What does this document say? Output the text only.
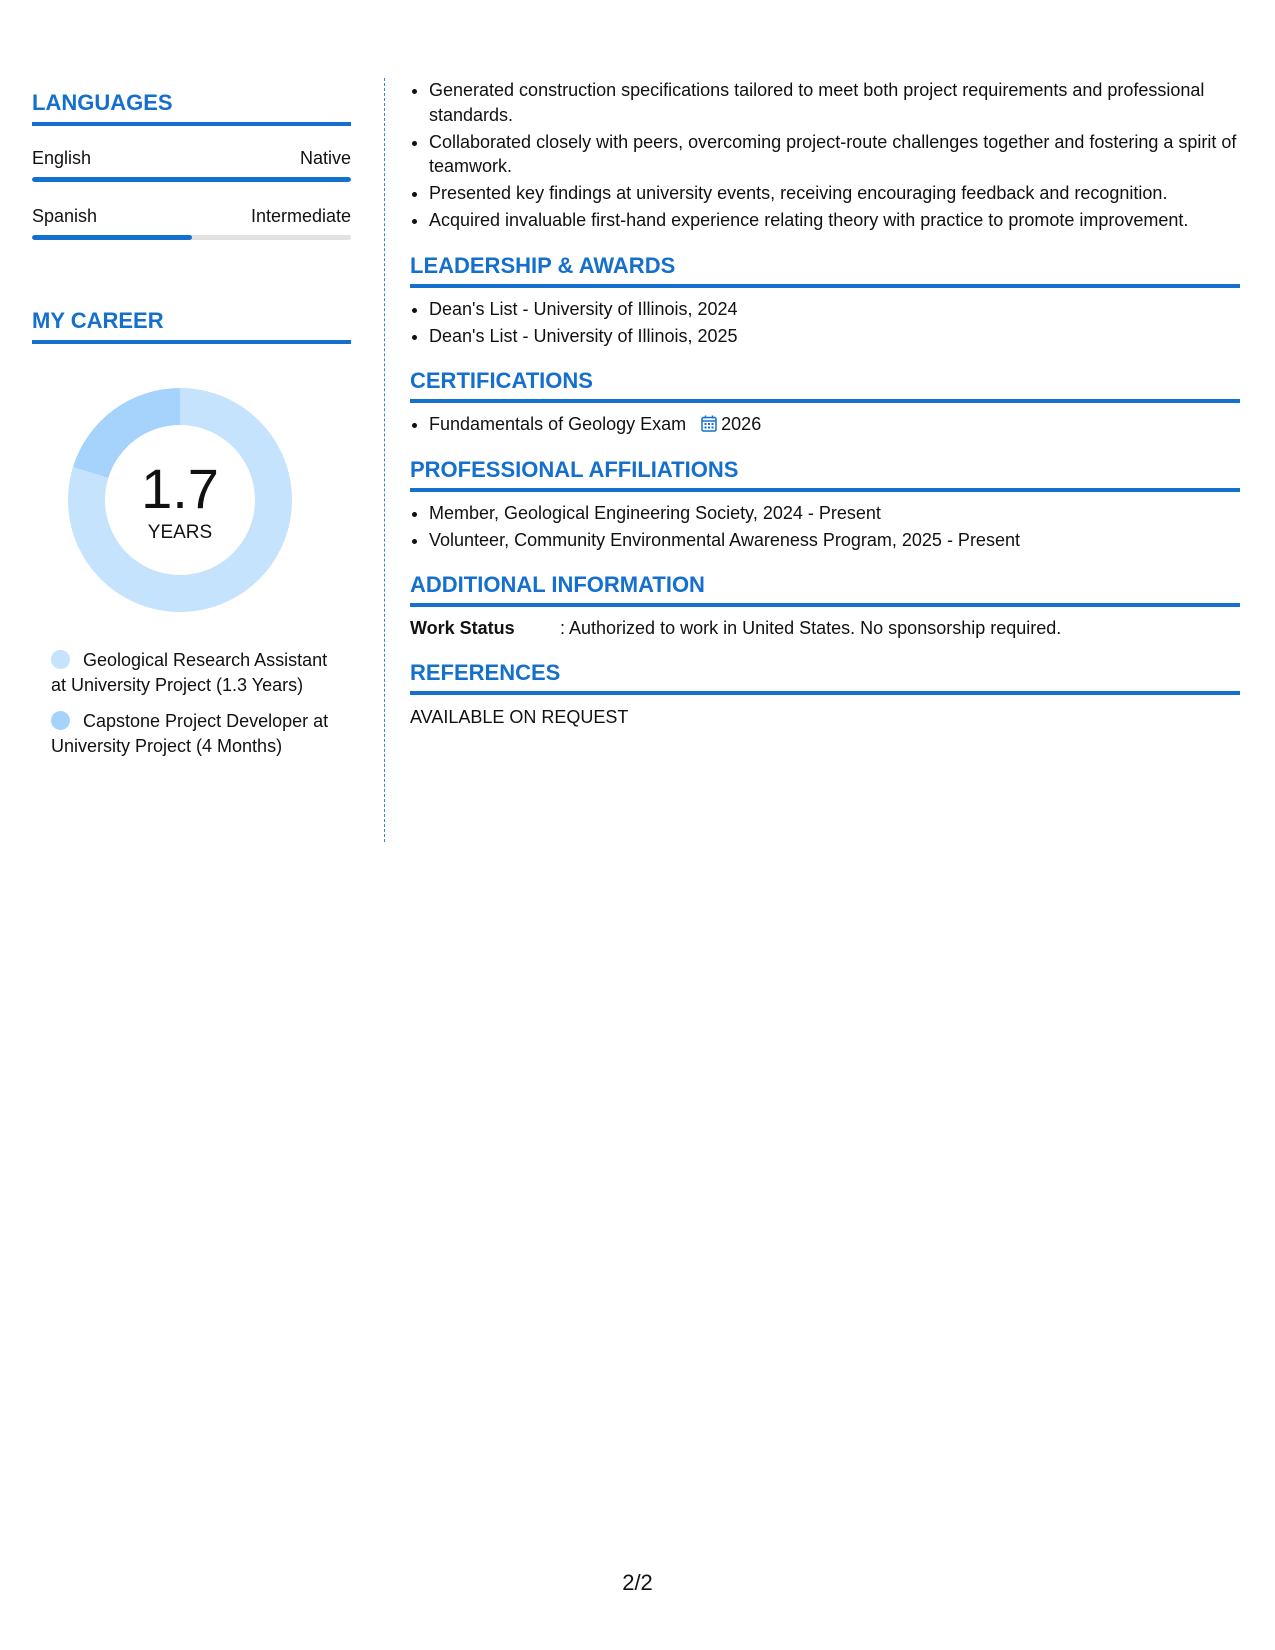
LANGUAGES
English	Native
Spanish	Intermediate
MY CAREER
1.7
YEARS
Geological Research Assistant at University Project (1.3 Years)
Capstone Project Developer at University Project (4 Months)
• Generated construction specifications tailored to meet both project requirements and professional standards.
• Collaborated closely with peers, overcoming project-route challenges together and fostering a spirit of teamwork.
• Presented key findings at university events, receiving encouraging feedback and recognition.
• Acquired invaluable first-hand experience relating theory with practice to promote improvement.
LEADERSHIP & AWARDS
• Dean's List - University of Illinois, 2024
• Dean's List - University of Illinois, 2025
CERTIFICATIONS
• Fundamentals of Geology Exam 2026
PROFESSIONAL AFFILIATIONS
• Member, Geological Engineering Society, 2024 - Present
• Volunteer, Community Environmental Awareness Program, 2025 - Present
ADDITIONAL INFORMATION
Work Status	: Authorized to work in United States. No sponsorship required.
REFERENCES
AVAILABLE ON REQUEST
2/2
